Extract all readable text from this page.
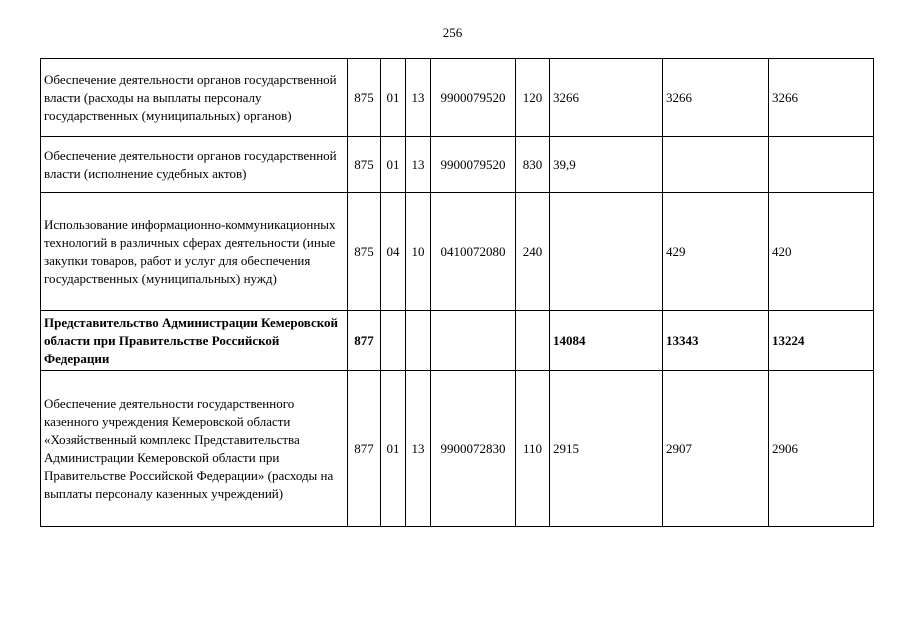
256
Обеспечение деятельности органов государственной власти (расходы на выплаты персоналу государственных (муниципальных) органов)	875	01	13	9900079520	120	3266	3266	3266
Обеспечение деятельности органов государственной власти (исполнение судебных актов)	875	01	13	9900079520	830	39,9		
Использование информационно-коммуникационных технологий в различных сферах деятельности (иные закупки товаров, работ и услуг для обеспечения государственных (муниципальных) нужд)	875	04	10	0410072080	240		429	420
Представительство Администрации Кемеровской области при Правительстве Российской Федерации	877					14084	13343	13224
Обеспечение деятельности государственного казенного учреждения Кемеровской области «Хозяйственный комплекс Представительства Администрации Кемеровской области при Правительстве Российской Федерации» (расходы на выплаты персоналу казенных учреждений)	877	01	13	9900072830	110	2915	2907	2906
